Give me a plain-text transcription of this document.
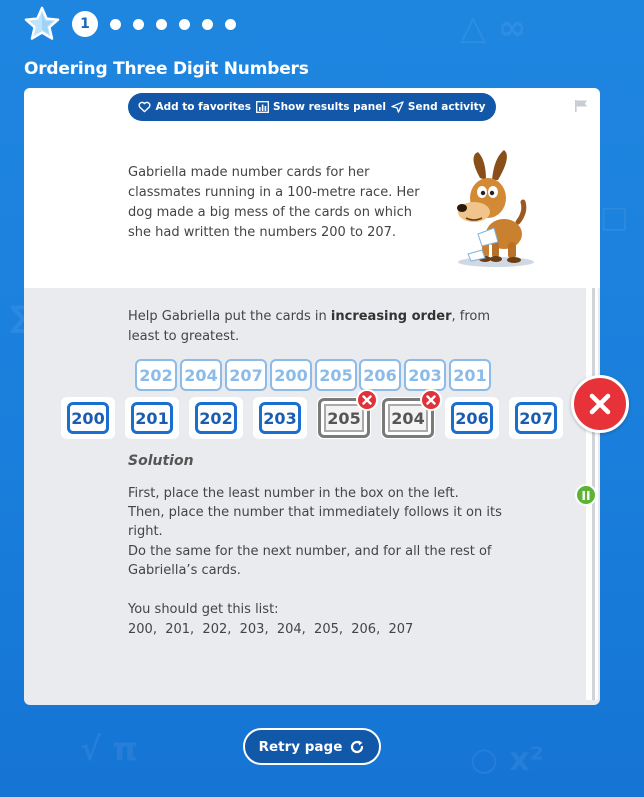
△ ∞
∑
□
√ π	○ x²
1
Ordering Three Digit Numbers
Add to favorites Show results panel Send activity
Gabriella made number cards for her classmates running in a 100-metre race. Her dog made a big mess of the cards on which she had written the numbers 200 to 207.
Help Gabriella put the cards in increasing order, from least to greatest.
202 204 207 200 205 206 203 201
200 201 202 203	205	204	206 207
Solution
First, place the least number in the box on the left.
Then, place the number that immediately follows it on its
right.
Do the same for the next number, and for all the rest of
Gabriella’s cards.
You should get this list:
200,  201,  202,  203,  204,  205,  206,  207
Retry page
